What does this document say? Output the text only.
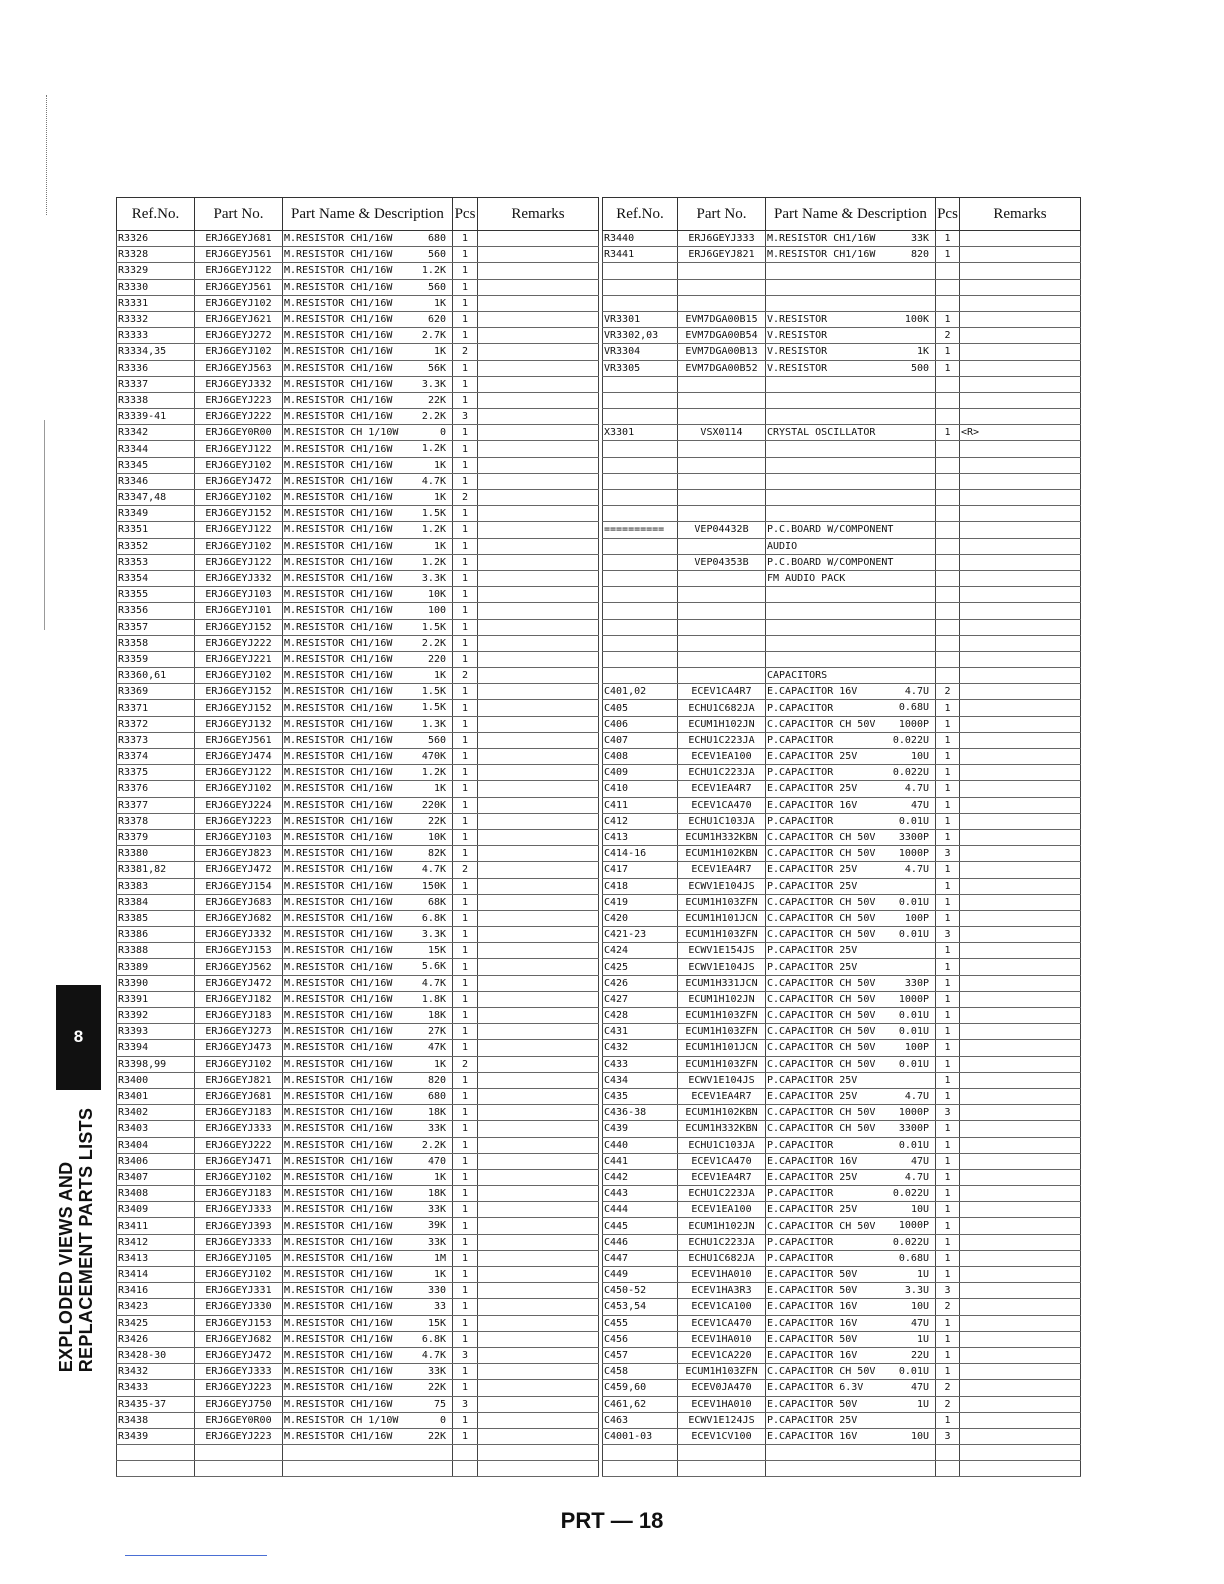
8
EXPLODED VIEWS AND
REPLACEMENT PARTS LISTS
Ref.No.	Part No.	Part Name & Description	Pcs	Remarks
R3326	ERJ6GEYJ681	M.RESISTOR CH1/16W 680	1	
R3328	ERJ6GEYJ561	M.RESISTOR CH1/16W 560	1	
R3329	ERJ6GEYJ122	M.RESISTOR CH1/16W 1.2K	1	
R3330	ERJ6GEYJ561	M.RESISTOR CH1/16W 560	1	
R3331	ERJ6GEYJ102	M.RESISTOR CH1/16W 1K	1	
R3332	ERJ6GEYJ621	M.RESISTOR CH1/16W 620	1	
R3333	ERJ6GEYJ272	M.RESISTOR CH1/16W 2.7K	1	
R3334,35	ERJ6GEYJ102	M.RESISTOR CH1/16W 1K	2	
R3336	ERJ6GEYJ563	M.RESISTOR CH1/16W 56K	1	
R3337	ERJ6GEYJ332	M.RESISTOR CH1/16W 3.3K	1	
R3338	ERJ6GEYJ223	M.RESISTOR CH1/16W 22K	1	
R3339-41	ERJ6GEYJ222	M.RESISTOR CH1/16W 2.2K	3	
R3342	ERJ6GEY0R00	M.RESISTOR CH 1/10W 0	1	
R3344	ERJ6GEYJ122	M.RESISTOR CH1/16W 1.2K	1	
R3345	ERJ6GEYJ102	M.RESISTOR CH1/16W 1K	1	
R3346	ERJ6GEYJ472	M.RESISTOR CH1/16W 4.7K	1	
R3347,48	ERJ6GEYJ102	M.RESISTOR CH1/16W 1K	2	
R3349	ERJ6GEYJ152	M.RESISTOR CH1/16W 1.5K	1	
R3351	ERJ6GEYJ122	M.RESISTOR CH1/16W 1.2K	1	
R3352	ERJ6GEYJ102	M.RESISTOR CH1/16W 1K	1	
R3353	ERJ6GEYJ122	M.RESISTOR CH1/16W 1.2K	1	
R3354	ERJ6GEYJ332	M.RESISTOR CH1/16W 3.3K	1	
R3355	ERJ6GEYJ103	M.RESISTOR CH1/16W 10K	1	
R3356	ERJ6GEYJ101	M.RESISTOR CH1/16W 100	1	
R3357	ERJ6GEYJ152	M.RESISTOR CH1/16W 1.5K	1	
R3358	ERJ6GEYJ222	M.RESISTOR CH1/16W 2.2K	1	
R3359	ERJ6GEYJ221	M.RESISTOR CH1/16W 220	1	
R3360,61	ERJ6GEYJ102	M.RESISTOR CH1/16W 1K	2	
R3369	ERJ6GEYJ152	M.RESISTOR CH1/16W 1.5K	1	
R3371	ERJ6GEYJ152	M.RESISTOR CH1/16W 1.5K	1	
R3372	ERJ6GEYJ132	M.RESISTOR CH1/16W 1.3K	1	
R3373	ERJ6GEYJ561	M.RESISTOR CH1/16W 560	1	
R3374	ERJ6GEYJ474	M.RESISTOR CH1/16W 470K	1	
R3375	ERJ6GEYJ122	M.RESISTOR CH1/16W 1.2K	1	
R3376	ERJ6GEYJ102	M.RESISTOR CH1/16W 1K	1	
R3377	ERJ6GEYJ224	M.RESISTOR CH1/16W 220K	1	
R3378	ERJ6GEYJ223	M.RESISTOR CH1/16W 22K	1	
R3379	ERJ6GEYJ103	M.RESISTOR CH1/16W 10K	1	
R3380	ERJ6GEYJ823	M.RESISTOR CH1/16W 82K	1	
R3381,82	ERJ6GEYJ472	M.RESISTOR CH1/16W 4.7K	2	
R3383	ERJ6GEYJ154	M.RESISTOR CH1/16W 150K	1	
R3384	ERJ6GEYJ683	M.RESISTOR CH1/16W 68K	1	
R3385	ERJ6GEYJ682	M.RESISTOR CH1/16W 6.8K	1	
R3386	ERJ6GEYJ332	M.RESISTOR CH1/16W 3.3K	1	
R3388	ERJ6GEYJ153	M.RESISTOR CH1/16W 15K	1	
R3389	ERJ6GEYJ562	M.RESISTOR CH1/16W 5.6K	1	
R3390	ERJ6GEYJ472	M.RESISTOR CH1/16W 4.7K	1	
R3391	ERJ6GEYJ182	M.RESISTOR CH1/16W 1.8K	1	
R3392	ERJ6GEYJ183	M.RESISTOR CH1/16W 18K	1	
R3393	ERJ6GEYJ273	M.RESISTOR CH1/16W 27K	1	
R3394	ERJ6GEYJ473	M.RESISTOR CH1/16W 47K	1	
R3398,99	ERJ6GEYJ102	M.RESISTOR CH1/16W 1K	2	
R3400	ERJ6GEYJ821	M.RESISTOR CH1/16W 820	1	
R3401	ERJ6GEYJ681	M.RESISTOR CH1/16W 680	1	
R3402	ERJ6GEYJ183	M.RESISTOR CH1/16W 18K	1	
R3403	ERJ6GEYJ333	M.RESISTOR CH1/16W 33K	1	
R3404	ERJ6GEYJ222	M.RESISTOR CH1/16W 2.2K	1	
R3406	ERJ6GEYJ471	M.RESISTOR CH1/16W 470	1	
R3407	ERJ6GEYJ102	M.RESISTOR CH1/16W 1K	1	
R3408	ERJ6GEYJ183	M.RESISTOR CH1/16W 18K	1	
R3409	ERJ6GEYJ333	M.RESISTOR CH1/16W 33K	1	
R3411	ERJ6GEYJ393	M.RESISTOR CH1/16W 39K	1	
R3412	ERJ6GEYJ333	M.RESISTOR CH1/16W 33K	1	
R3413	ERJ6GEYJ105	M.RESISTOR CH1/16W 1M	1	
R3414	ERJ6GEYJ102	M.RESISTOR CH1/16W 1K	1	
R3416	ERJ6GEYJ331	M.RESISTOR CH1/16W 330	1	
R3423	ERJ6GEYJ330	M.RESISTOR CH1/16W 33	1	
R3425	ERJ6GEYJ153	M.RESISTOR CH1/16W 15K	1	
R3426	ERJ6GEYJ682	M.RESISTOR CH1/16W 6.8K	1	
R3428-30	ERJ6GEYJ472	M.RESISTOR CH1/16W 4.7K	3	
R3432	ERJ6GEYJ333	M.RESISTOR CH1/16W 33K	1	
R3433	ERJ6GEYJ223	M.RESISTOR CH1/16W 22K	1	
R3435-37	ERJ6GEYJ750	M.RESISTOR CH1/16W 75	3	
R3438	ERJ6GEY0R00	M.RESISTOR CH 1/10W 0	1	
R3439	ERJ6GEYJ223	M.RESISTOR CH1/16W 22K	1	

Ref.No.	Part No.	Part Name & Description	Pcs	Remarks
R3440	ERJ6GEYJ333	M.RESISTOR CH1/16W 33K	1	
R3441	ERJ6GEYJ821	M.RESISTOR CH1/16W 820	1	

VR3301	EVM7DGA00B15	V.RESISTOR 100K	1	
VR3302,03	EVM7DGA00B54	V.RESISTOR	2	
VR3304	EVM7DGA00B13	V.RESISTOR 1K	1	
VR3305	EVM7DGA00B52	V.RESISTOR 500	1	

X3301	VSX0114	CRYSTAL OSCILLATOR	1	<R>

==========	VEP04432B	P.C.BOARD W/COMPONENT

		AUDIO

	VEP04353B	P.C.BOARD W/COMPONENT

		FM AUDIO PACK

		CAPACITORS

C401,02	ECEV1CA4R7	E.CAPACITOR 16V 4.7U	2	
C405	ECHU1C682JA	P.CAPACITOR 0.68U	1	
C406	ECUM1H102JN	C.CAPACITOR CH 50V 1000P	1	
C407	ECHU1C223JA	P.CAPACITOR 0.022U	1	
C408	ECEV1EA100	E.CAPACITOR 25V 10U	1	
C409	ECHU1C223JA	P.CAPACITOR 0.022U	1	
C410	ECEV1EA4R7	E.CAPACITOR 25V 4.7U	1	
C411	ECEV1CA470	E.CAPACITOR 16V 47U	1	
C412	ECHU1C103JA	P.CAPACITOR 0.01U	1	
C413	ECUM1H332KBN	C.CAPACITOR CH 50V 3300P	1	
C414-16	ECUM1H102KBN	C.CAPACITOR CH 50V 1000P	3	
C417	ECEV1EA4R7	E.CAPACITOR 25V 4.7U	1	
C418	ECWV1E104JS	P.CAPACITOR 25V	1	
C419	ECUM1H103ZFN	C.CAPACITOR CH 50V 0.01U	1	
C420	ECUM1H101JCN	C.CAPACITOR CH 50V 100P	1	
C421-23	ECUM1H103ZFN	C.CAPACITOR CH 50V 0.01U	3	
C424	ECWV1E154JS	P.CAPACITOR 25V	1	
C425	ECWV1E104JS	P.CAPACITOR 25V	1	
C426	ECUM1H331JCN	C.CAPACITOR CH 50V 330P	1	
C427	ECUM1H102JN	C.CAPACITOR CH 50V 1000P	1	
C428	ECUM1H103ZFN	C.CAPACITOR CH 50V 0.01U	1	
C431	ECUM1H103ZFN	C.CAPACITOR CH 50V 0.01U	1	
C432	ECUM1H101JCN	C.CAPACITOR CH 50V 100P	1	
C433	ECUM1H103ZFN	C.CAPACITOR CH 50V 0.01U	1	
C434	ECWV1E104JS	P.CAPACITOR 25V	1	
C435	ECEV1EA4R7	E.CAPACITOR 25V 4.7U	1	
C436-38	ECUM1H102KBN	C.CAPACITOR CH 50V 1000P	3	
C439	ECUM1H332KBN	C.CAPACITOR CH 50V 3300P	1	
C440	ECHU1C103JA	P.CAPACITOR 0.01U	1	
C441	ECEV1CA470	E.CAPACITOR 16V 47U	1	
C442	ECEV1EA4R7	E.CAPACITOR 25V 4.7U	1	
C443	ECHU1C223JA	P.CAPACITOR 0.022U	1	
C444	ECEV1EA100	E.CAPACITOR 25V 10U	1	
C445	ECUM1H102JN	C.CAPACITOR CH 50V 1000P	1	
C446	ECHU1C223JA	P.CAPACITOR 0.022U	1	
C447	ECHU1C682JA	P.CAPACITOR 0.68U	1	
C449	ECEV1HA010	E.CAPACITOR 50V 1U	1	
C450-52	ECEV1HA3R3	E.CAPACITOR 50V 3.3U	3	
C453,54	ECEV1CA100	E.CAPACITOR 16V 10U	2	
C455	ECEV1CA470	E.CAPACITOR 16V 47U	1	
C456	ECEV1HA010	E.CAPACITOR 50V 1U	1	
C457	ECEV1CA220	E.CAPACITOR 16V 22U	1	
C458	ECUM1H103ZFN	C.CAPACITOR CH 50V 0.01U	1	
C459,60	ECEV0JA470	E.CAPACITOR 6.3V 47U	2	
C461,62	ECEV1HA010	E.CAPACITOR 50V 1U	2	
C463	ECWV1E124JS	P.CAPACITOR 25V	1	
C4001-03	ECEV1CV100	E.CAPACITOR 16V 10U	3	

PRT — 18
